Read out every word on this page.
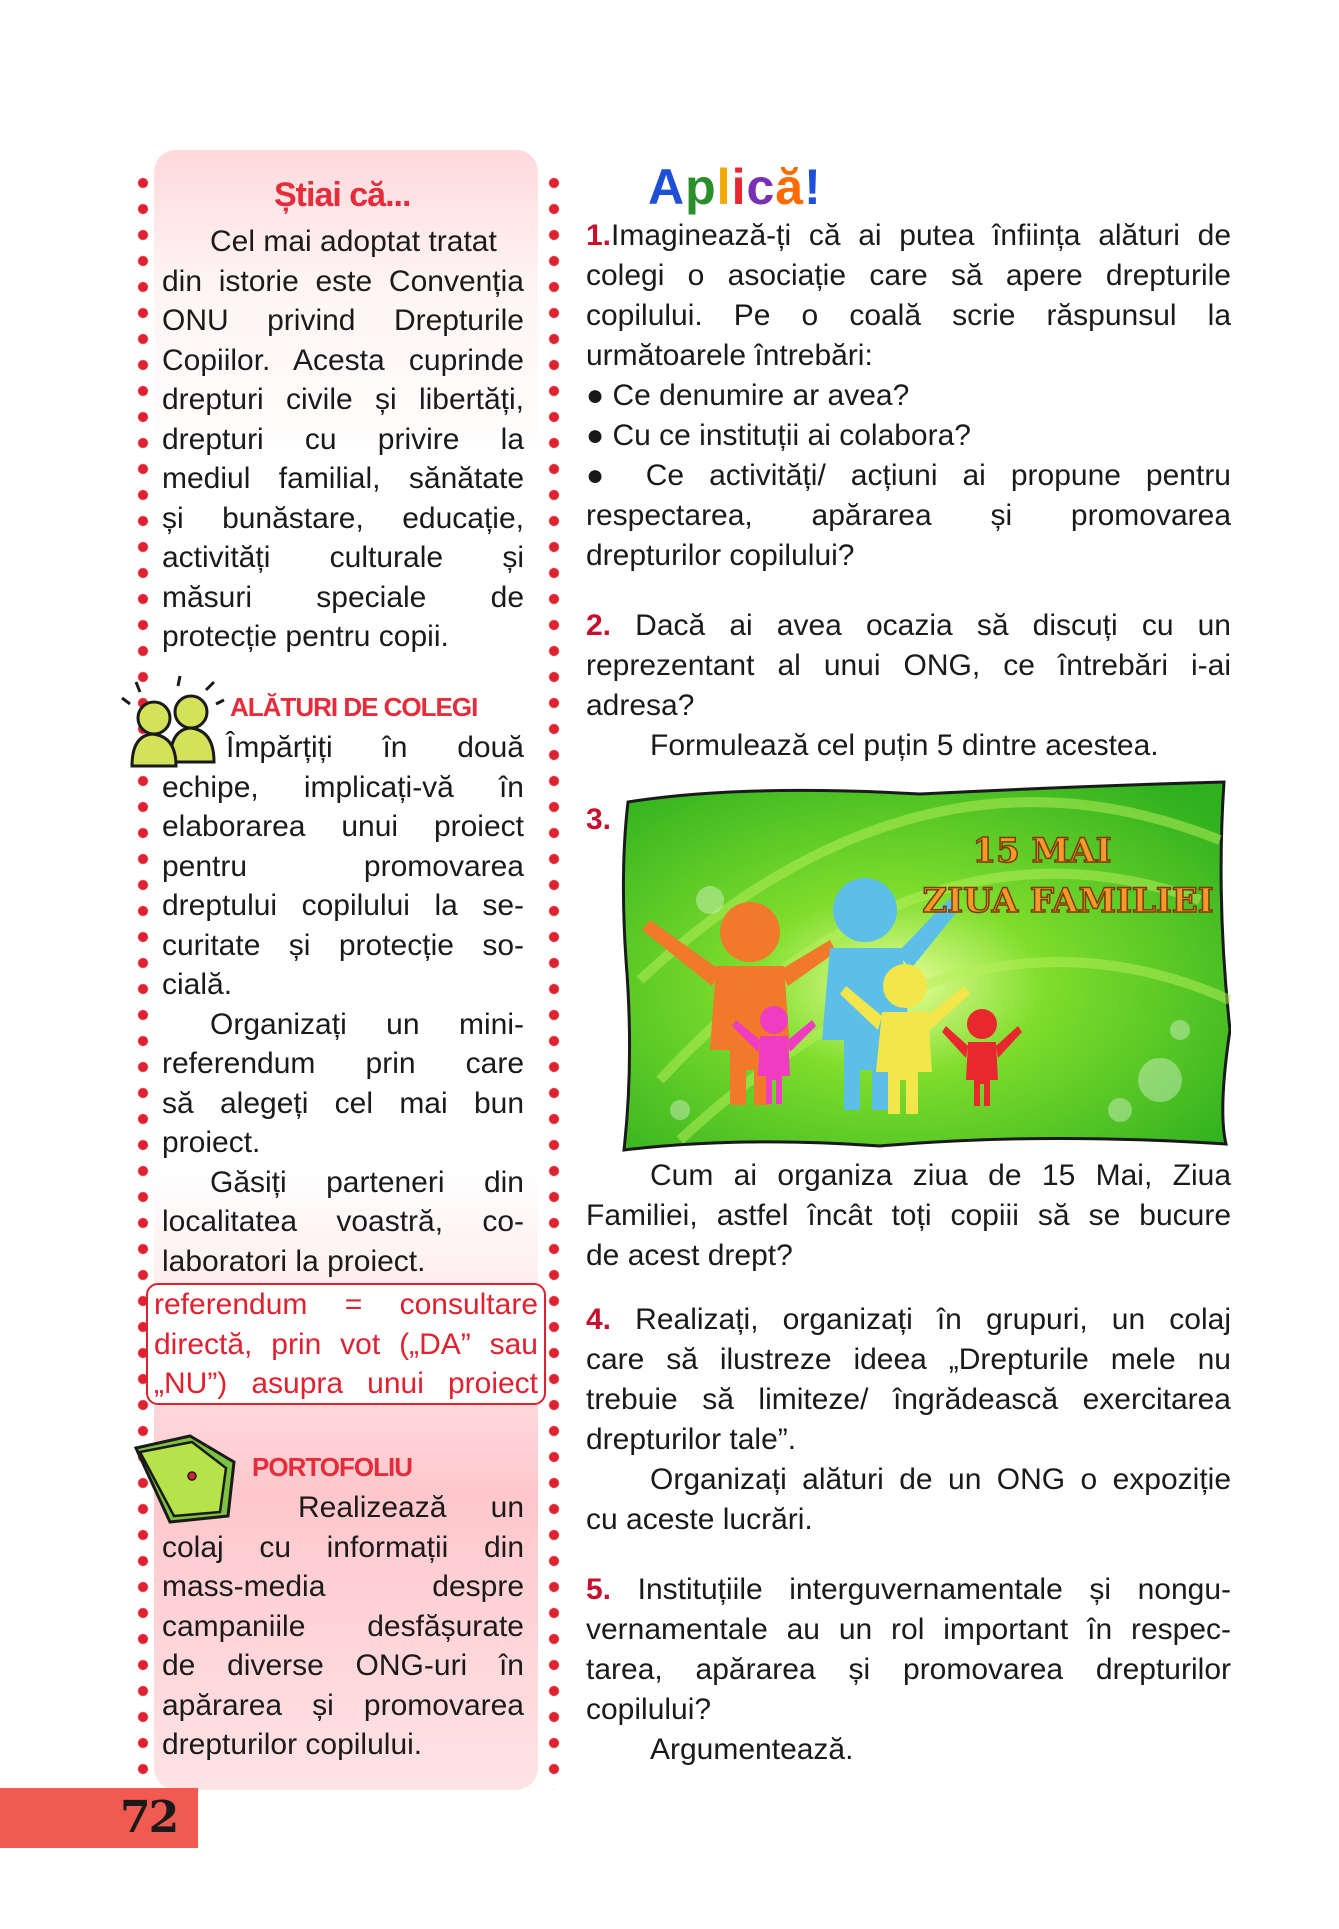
Știai că...

Cel mai adoptat tratat

din istorie este Convenția

ONU privind Drepturile

Copiilor. Acesta cuprinde

drepturi civile și libertăți,

drepturi cu privire la

mediul familial, sănătate

și bunăstare, educație,

activități culturale și

măsuri speciale de

protecție pentru copii.

ALĂTURI DE COLEGI

Împărțiți în două

echipe, implicați-vă în

elaborarea unui proiect

pentru promovarea

dreptului copilului la se-

curitate și protecție so-

cială.

Organizați un mini-

referendum prin care

să alegeți cel mai bun

proiect.

Găsiți parteneri din

localitatea voastră, co-

laboratori la proiect.

referendum = consultare
directă, prin vot („DA” sau
„NU”) asupra unui proiect
PORTOFOLIU

Realizează un

colaj cu informații din

mass-media despre

campaniile desfășurate

de diverse ONG-uri în

apărarea și promovarea

drepturilor copilului.

Aplică!

1.Imaginează-ți că ai putea înființa alături de

colegi o asociație care să apere drepturile

copilului. Pe o coală scrie răspunsul la

următoarele întrebări:

● Ce denumire ar avea?

● Cu ce instituții ai colabora?

● Ce activități/ acțiuni ai propune pentru

respectarea, apărarea și promovarea

drepturilor copilului?

2. Dacă ai avea ocazia să discuți cu un

reprezentant al unui ONG, ce întrebări i-ai

adresa?

Formulează cel puțin 5 dintre acestea.

3.

15 MAI
ZIUA FAMILIEI

Cum ai organiza ziua de 15 Mai, Ziua

Familiei, astfel încât toți copiii să se bucure

de acest drept?

4. Realizați, organizați în grupuri, un colaj

care să ilustreze ideea „Drepturile mele nu

trebuie să limiteze/ îngrădească exercitarea

drepturilor tale”.

Organizați alături de un ONG o expoziție

cu aceste lucrări.

5. Instituțiile interguvernamentale și nongu-

vernamentale au un rol important în respec-

tarea, apărarea și promovarea drepturilor

copilului?

Argumentează.

72
